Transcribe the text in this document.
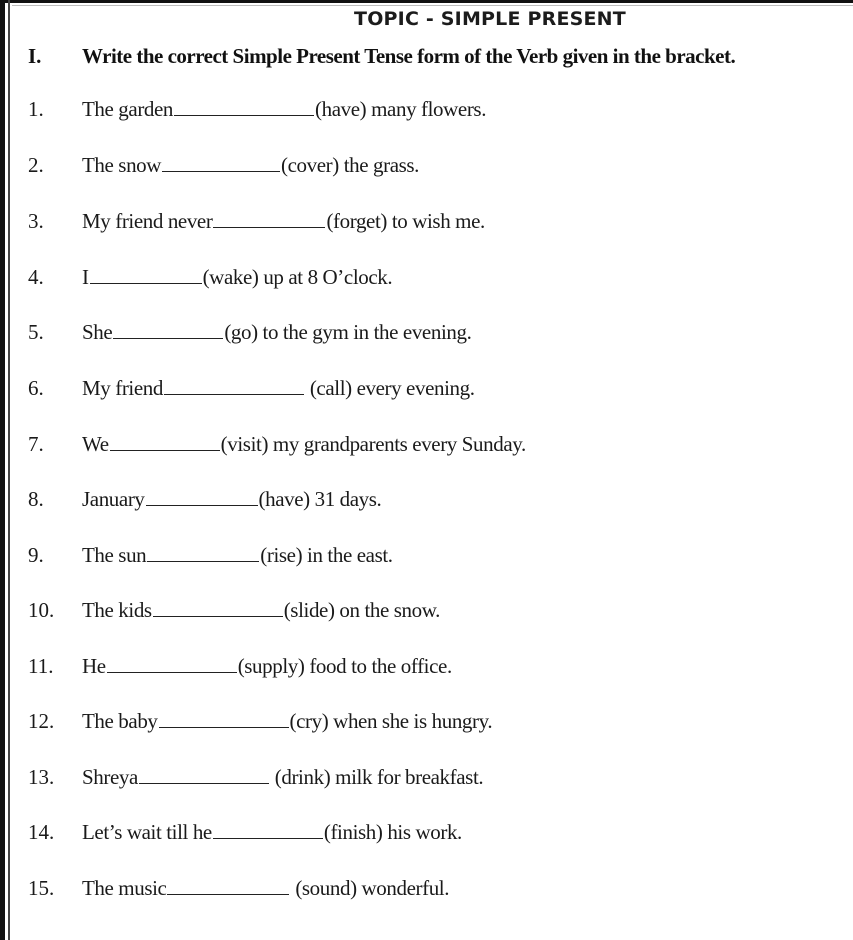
TOPIC - SIMPLE PRESENT
I. Write the correct Simple Present Tense form of the Verb given in the bracket.
1. The garden	(have) many flowers.
2. The snow	(cover) the grass.
3. My friend never	(forget) to wish me.
4. I	(wake) up at 8 O’clock.
5. She	(go) to the gym in the evening.
6. My friend	(call) every evening.
7. We	(visit) my grandparents every Sunday.
8. January	(have) 31 days.
9. The sun	(rise) in the east.
10. The kids	(slide) on the snow.
11. He	(supply) food to the office.
12. The baby	(cry) when she is hungry.
13. Shreya	(drink) milk for breakfast.
14. Let’s wait till he	(finish) his work.
15. The music	(sound) wonderful.
